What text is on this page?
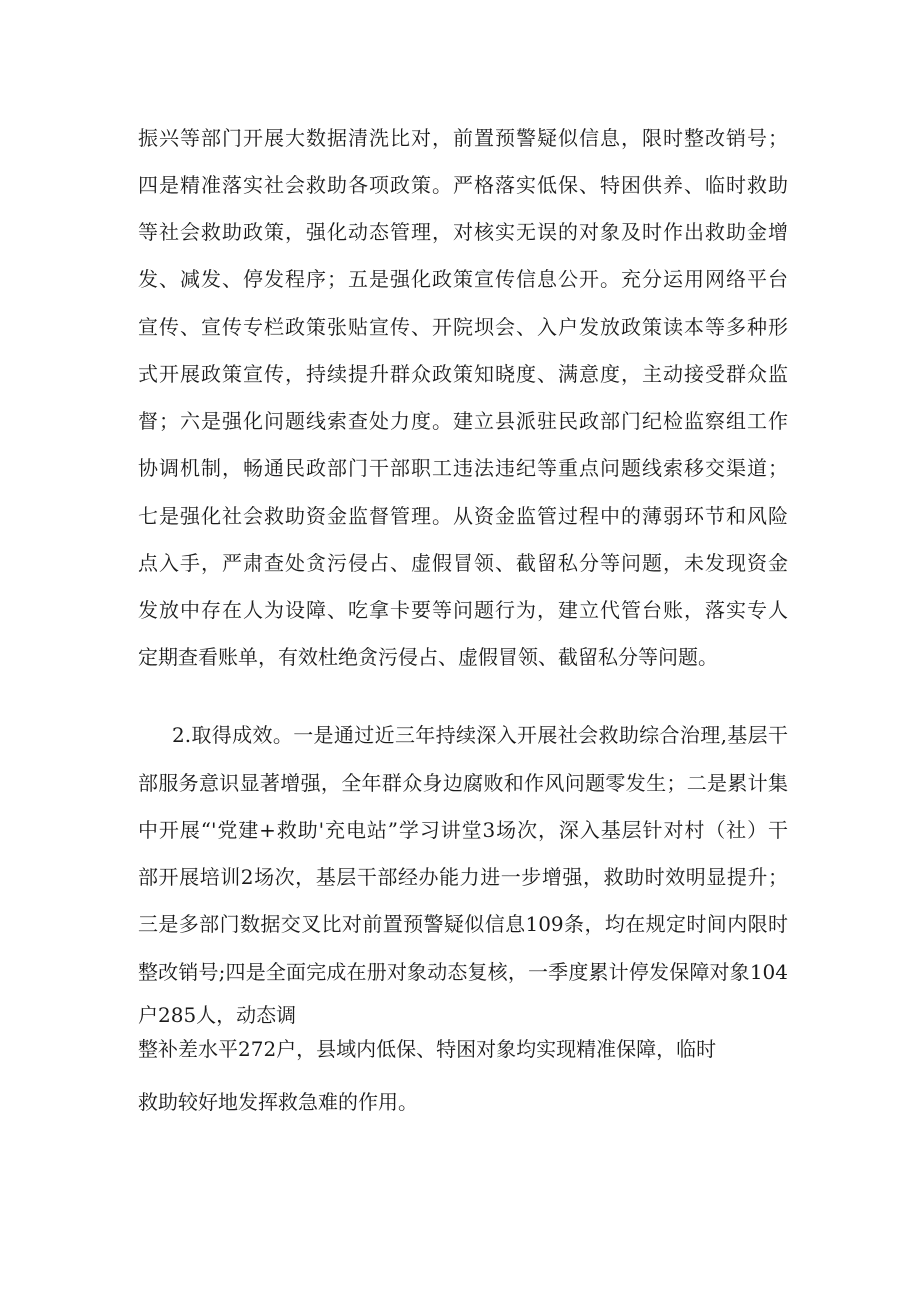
振兴等部门开展大数据清洗比对，前置预警疑似信息，限时整改销号；
四是精准落实社会救助各项政策。严格落实低保、特困供养、临时救助
等社会救助政策，强化动态管理，对核实无误的对象及时作出救助金增
发、减发、停发程序；五是强化政策宣传信息公开。充分运用网络平台
宣传、宣传专栏政策张贴宣传、开院坝会、入户发放政策读本等多种形
式开展政策宣传，持续提升群众政策知晓度、满意度，主动接受群众监
督；六是强化问题线索查处力度。建立县派驻民政部门纪检监察组工作
协调机制，畅通民政部门干部职工违法违纪等重点问题线索移交渠道；
七是强化社会救助资金监督管理。从资金监管过程中的薄弱环节和风险
点入手，严肃查处贪污侵占、虚假冒领、截留私分等问题，未发现资金
发放中存在人为设障、吃拿卡要等问题行为，建立代管台账，落实专人
定期查看账单，有效杜绝贪污侵占、虚假冒领、截留私分等问题。
2.取得成效。一是通过近三年持续深入开展社会救助综合治理,基层干
部服务意识显著增强，全年群众身边腐败和作风问题零发生；二是累计集
中开展“'党建+救助'充电站”学习讲堂3场次，深入基层针对村（社）干
部开展培训2场次，基层干部经办能力进一步增强，救助时效明显提升；
三是多部门数据交叉比对前置预警疑似信息109条，均在规定时间内限时
整改销号;四是全面完成在册对象动态复核，一季度累计停发保障对象104
户285人，动态调
整补差水平272户，县域内低保、特困对象均实现精准保障，临时
救助较好地发挥救急难的作用。
